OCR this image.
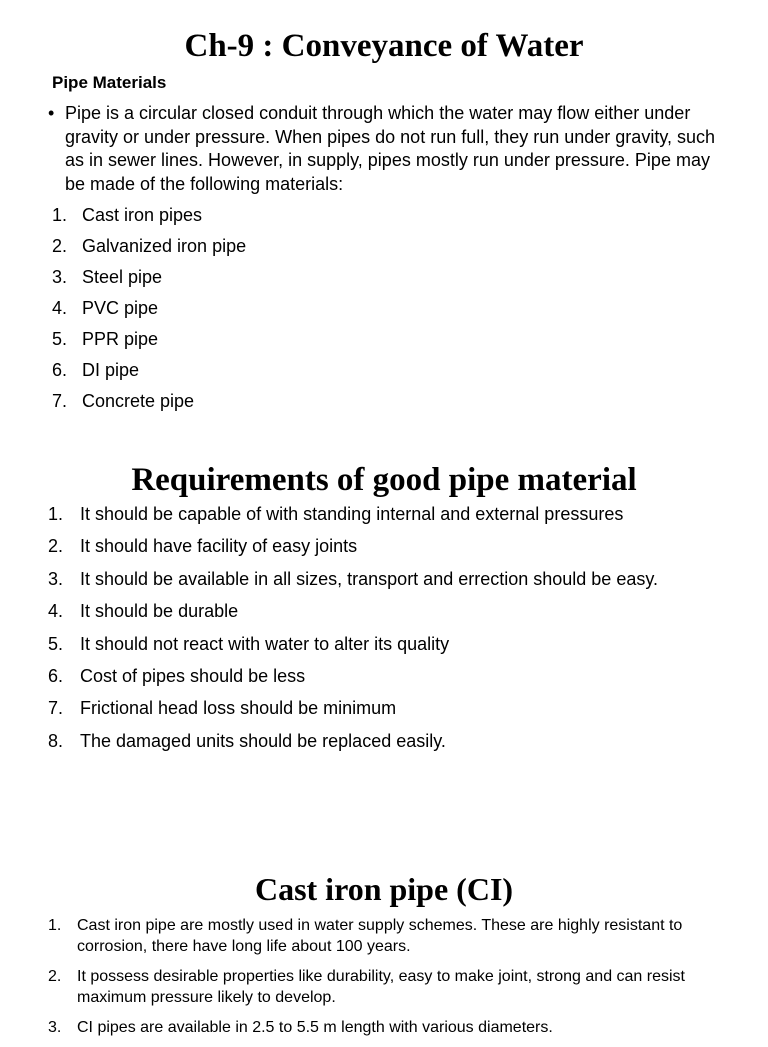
Ch-9 : Conveyance of Water
Pipe Materials
• Pipe is a circular closed conduit through which the water may flow either under gravity or under pressure. When pipes do not run full, they run under gravity, such as in sewer lines. However, in supply, pipes mostly run under pressure. Pipe may be made of the following materials:
1. Cast iron pipes
2. Galvanized iron pipe
3. Steel pipe
4. PVC pipe
5. PPR pipe
6. DI pipe
7. Concrete pipe
Requirements of good pipe material
1. It should be capable of with standing internal and external pressures
2. It should have facility of easy joints
3. It should be available in all sizes, transport and errection should be easy.
4. It should be durable
5. It should not react with water to alter its quality
6. Cost of pipes should be less
7. Frictional head loss should be minimum
8. The damaged units should be replaced easily.
Cast iron pipe (CI)
1. Cast iron pipe are mostly used in water supply schemes. These are highly resistant to corrosion, there have long life about 100 years.
2. It possess desirable properties like durability, easy to make joint, strong and can resist maximum pressure likely to develop.
3. CI pipes are available in 2.5 to 5.5 m length with various diameters.
